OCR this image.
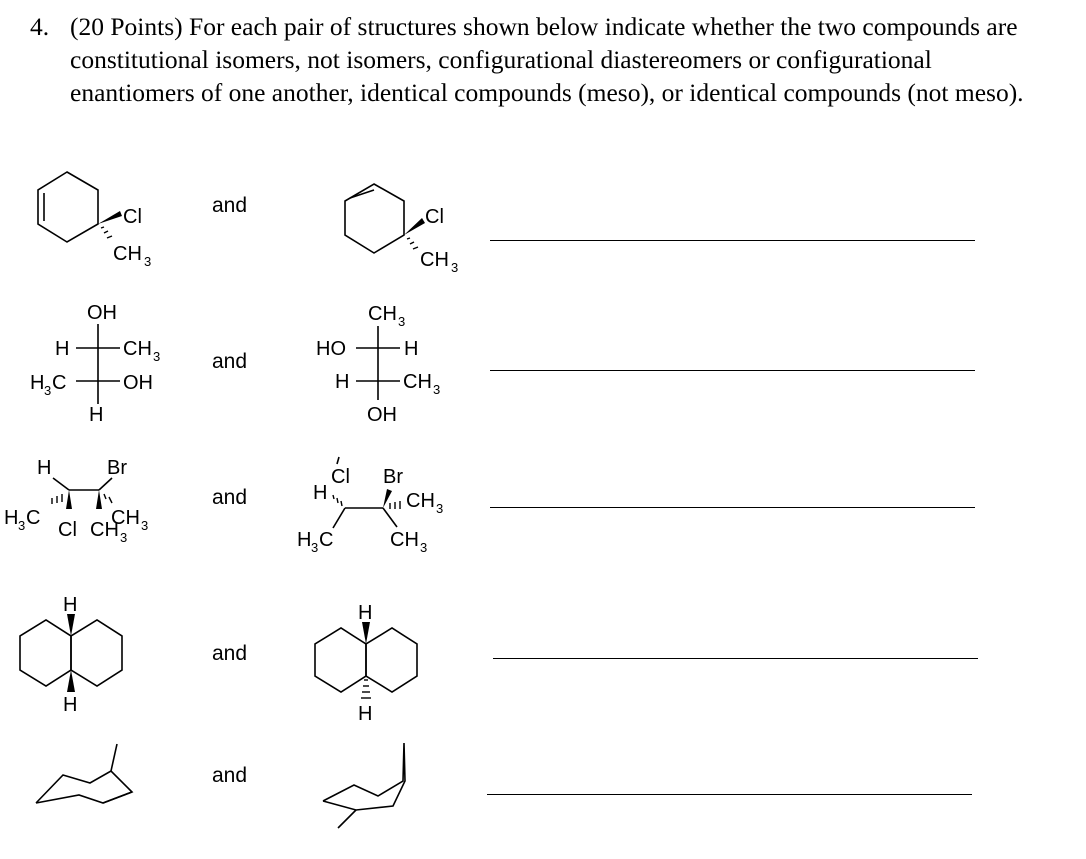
4. (20 Points) For each pair of structures shown below indicate whether the two compounds are constitutional isomers, not isomers, configurational diastereomers or configurational enantiomers of one another, identical compounds (meso), or identical compounds (not meso).
and
and
and
and
and
Cl
CH 3
Cl
CH 3
OH
H	CH 3
H 3 C	OH
H
CH 3
HO	H
H	CH 3
OH
H	Br
H 3 C	CH 3
Cl CH 3
Cl Br
H	CH 3
H 3 C	CH 3
H
H
H
H
